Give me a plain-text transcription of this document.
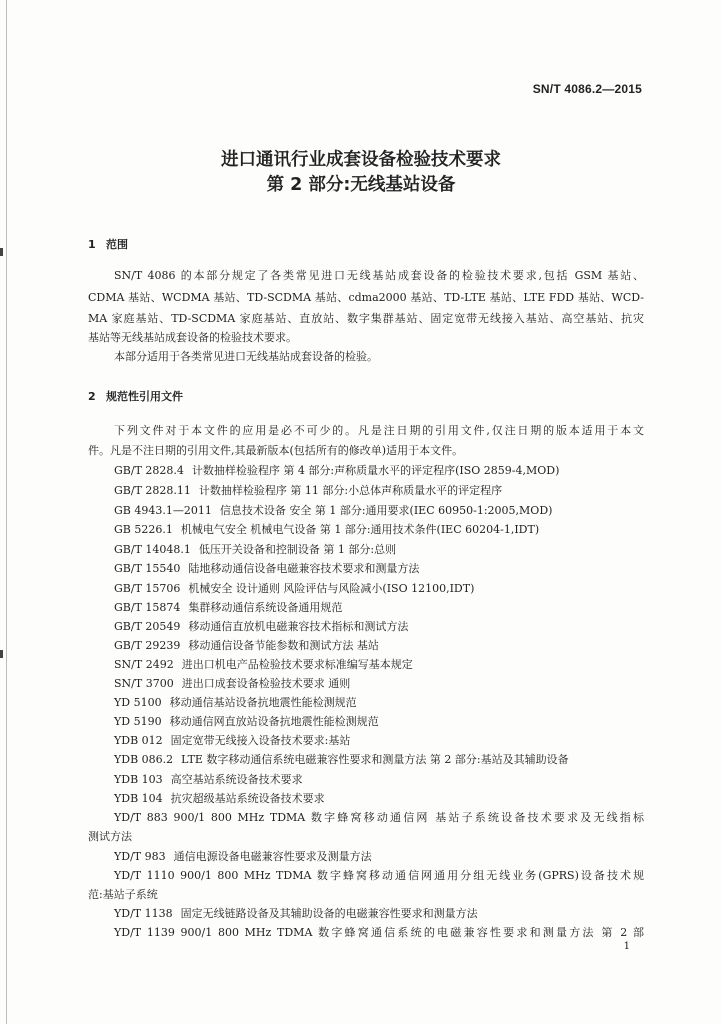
SN/T 4086.2—2015
进口通讯行业成套设备检验技术要求
第 2 部分:无线基站设备
1 范围
SN/T 4086 的本部分规定了各类常见进口无线基站成套设备的检验技术要求,包括 GSM 基站、
CDMA 基站、WCDMA 基站、TD-SCDMA 基站、cdma2000 基站、TD-LTE 基站、LTE FDD 基站、WCD-
MA 家庭基站、TD-SCDMA 家庭基站、直放站、数字集群基站、固定宽带无线接入基站、高空基站、抗灾
基站等无线基站成套设备的检验技术要求。
本部分适用于各类常见进口无线基站成套设备的检验。
2 规范性引用文件
下列文件对于本文件的应用是必不可少的。凡是注日期的引用文件,仅注日期的版本适用于本文
件。凡是不注日期的引用文件,其最新版本(包括所有的修改单)适用于本文件。
GB/T 2828.4 计数抽样检验程序 第 4 部分:声称质量水平的评定程序(ISO 2859-4,MOD)
GB/T 2828.11 计数抽样检验程序 第 11 部分:小总体声称质量水平的评定程序
GB 4943.1—2011 信息技术设备 安全 第 1 部分:通用要求(IEC 60950-1:2005,MOD)
GB 5226.1 机械电气安全 机械电气设备 第 1 部分:通用技术条件(IEC 60204-1,IDT)
GB/T 14048.1 低压开关设备和控制设备 第 1 部分:总则
GB/T 15540 陆地移动通信设备电磁兼容技术要求和测量方法
GB/T 15706 机械安全 设计通则 风险评估与风险减小(ISO 12100,IDT)
GB/T 15874 集群移动通信系统设备通用规范
GB/T 20549 移动通信直放机电磁兼容技术指标和测试方法
GB/T 29239 移动通信设备节能参数和测试方法 基站
SN/T 2492 进出口机电产品检验技术要求标准编写基本规定
SN/T 3700 进出口成套设备检验技术要求 通则
YD 5100 移动通信基站设备抗地震性能检测规范
YD 5190 移动通信网直放站设备抗地震性能检测规范
YDB 012 固定宽带无线接入设备技术要求:基站
YDB 086.2 LTE 数字移动通信系统电磁兼容性要求和测量方法 第 2 部分:基站及其辅助设备
YDB 103 高空基站系统设备技术要求
YDB 104 抗灾超级基站系统设备技术要求
YD/T 883 900/1 800 MHz TDMA 数字蜂窝移动通信网 基站子系统设备技术要求及无线指标
测试方法
YD/T 983 通信电源设备电磁兼容性要求及测量方法
YD/T 1110 900/1 800 MHz TDMA 数字蜂窝移动通信网通用分组无线业务(GPRS)设备技术规
范:基站子系统
YD/T 1138 固定无线链路设备及其辅助设备的电磁兼容性要求和测量方法
YD/T 1139 900/1 800 MHz TDMA 数字蜂窝通信系统的电磁兼容性要求和测量方法 第 2 部
1
